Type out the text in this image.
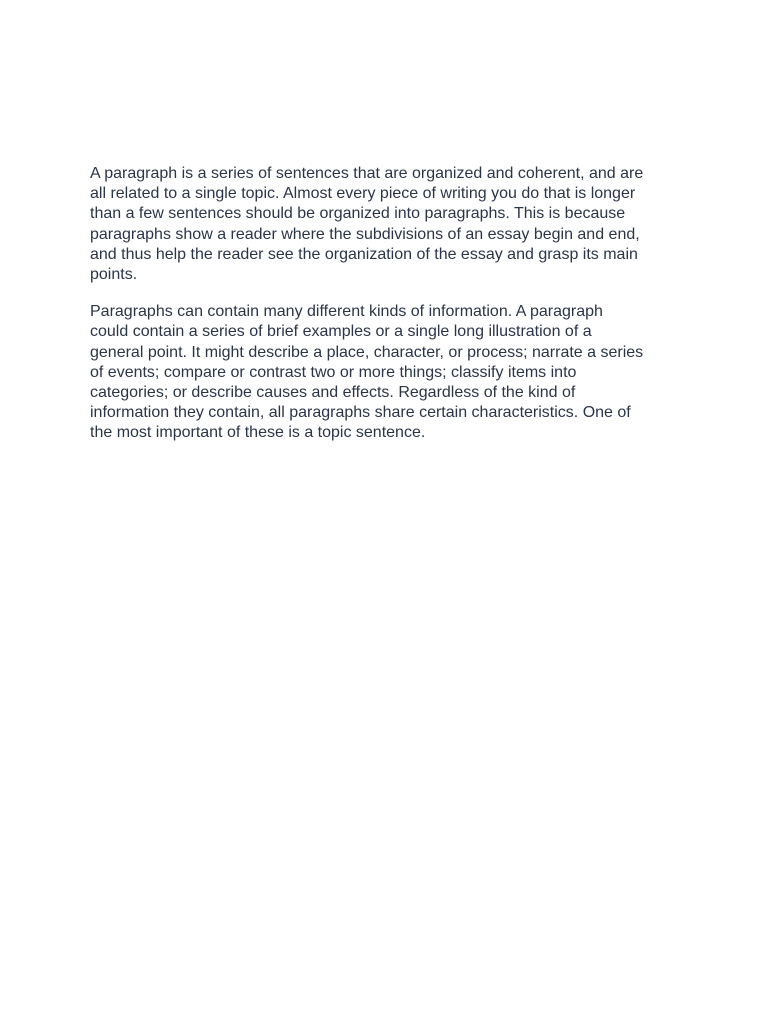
A paragraph is a series of sentences that are organized and coherent, and are
all related to a single topic. Almost every piece of writing you do that is longer
than a few sentences should be organized into paragraphs. This is because
paragraphs show a reader where the subdivisions of an essay begin and end,
and thus help the reader see the organization of the essay and grasp its main
points.

Paragraphs can contain many different kinds of information. A paragraph
could contain a series of brief examples or a single long illustration of a
general point. It might describe a place, character, or process; narrate a series
of events; compare or contrast two or more things; classify items into
categories; or describe causes and effects. Regardless of the kind of
information they contain, all paragraphs share certain characteristics. One of
the most important of these is a topic sentence.
